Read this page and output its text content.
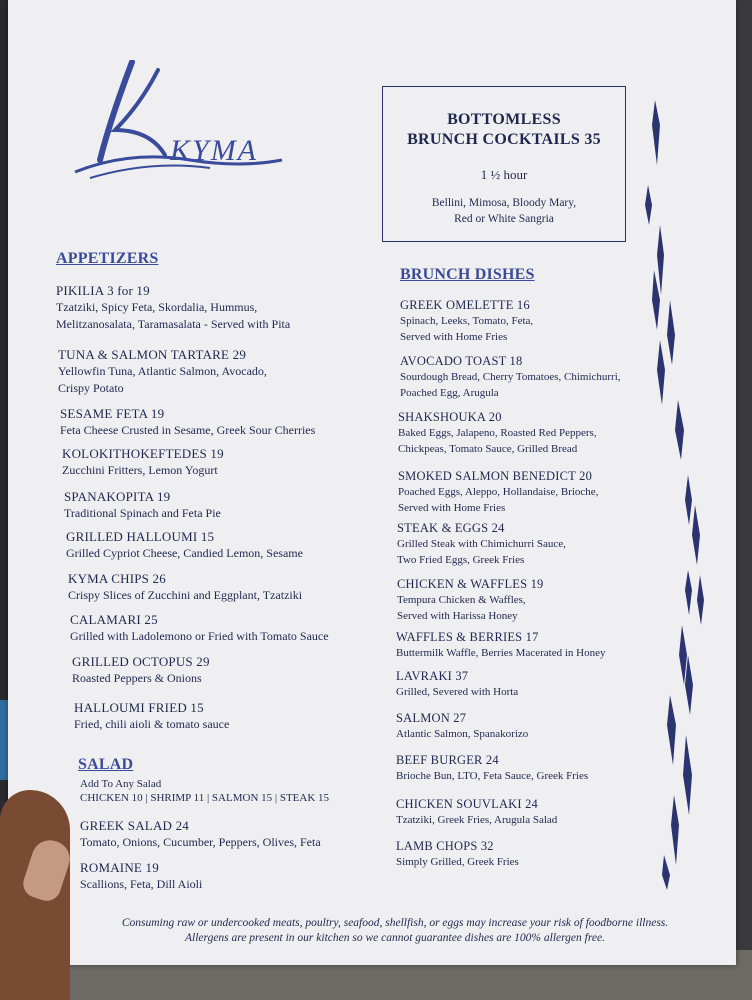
KYMA
BOTTOMLESS
BRUNCH COCKTAILS 35
1 ½ hour
Bellini, Mimosa, Bloody Mary,
Red or White Sangria
APPETIZERS
PIKILIA 3 for 19
Tzatziki, Spicy Feta, Skordalia, Hummus,
Melitzanosalata, Taramasalata - Served with Pita
TUNA & SALMON TARTARE 29
Yellowfin Tuna, Atlantic Salmon, Avocado,
Crispy Potato
SESAME FETA 19
Feta Cheese Crusted in Sesame, Greek Sour Cherries
KOLOKITHOKEFTEDES 19
Zucchini Fritters, Lemon Yogurt
SPANAKOPITA 19
Traditional Spinach and Feta Pie
GRILLED HALLOUMI 15
Grilled Cypriot Cheese, Candied Lemon, Sesame
KYMA CHIPS 26
Crispy Slices of Zucchini and Eggplant, Tzatziki
CALAMARI 25
Grilled with Ladolemono or Fried with Tomato Sauce
GRILLED OCTOPUS 29
Roasted Peppers & Onions
HALLOUMI FRIED 15
Fried, chili aioli & tomato sauce
SALAD
Add To Any Salad
CHICKEN 10 | SHRIMP 11 | SALMON 15 | STEAK 15
GREEK SALAD 24
Tomato, Onions, Cucumber, Peppers, Olives, Feta
ROMAINE 19
Scallions, Feta, Dill Aioli
BRUNCH DISHES
GREEK OMELETTE 16
Spinach, Leeks, Tomato, Feta,
Served with Home Fries
AVOCADO TOAST 18
Sourdough Bread, Cherry Tomatoes, Chimichurri,
Poached Egg, Arugula
SHAKSHOUKA 20
Baked Eggs, Jalapeno, Roasted Red Peppers,
Chickpeas, Tomato Sauce, Grilled Bread
SMOKED SALMON BENEDICT 20
Poached Eggs, Aleppo, Hollandaise, Brioche,
Served with Home Fries
STEAK & EGGS 24
Grilled Steak with Chimichurri Sauce,
Two Fried Eggs, Greek Fries
CHICKEN & WAFFLES 19
Tempura Chicken & Waffles,
Served with Harissa Honey
WAFFLES & BERRIES 17
Buttermilk Waffle, Berries Macerated in Honey
LAVRAKI 37
Grilled, Severed with Horta
SALMON 27
Atlantic Salmon, Spanakorizo
BEEF BURGER 24
Brioche Bun, LTO, Feta Sauce, Greek Fries
CHICKEN SOUVLAKI 24
Tzatziki, Greek Fries, Arugula Salad
LAMB CHOPS 32
Simply Grilled, Greek Fries
Consuming raw or undercooked meats, poultry, seafood, shellfish, or eggs may increase your risk of foodborne illness.
Allergens are present in our kitchen so we cannot guarantee dishes are 100% allergen free.
